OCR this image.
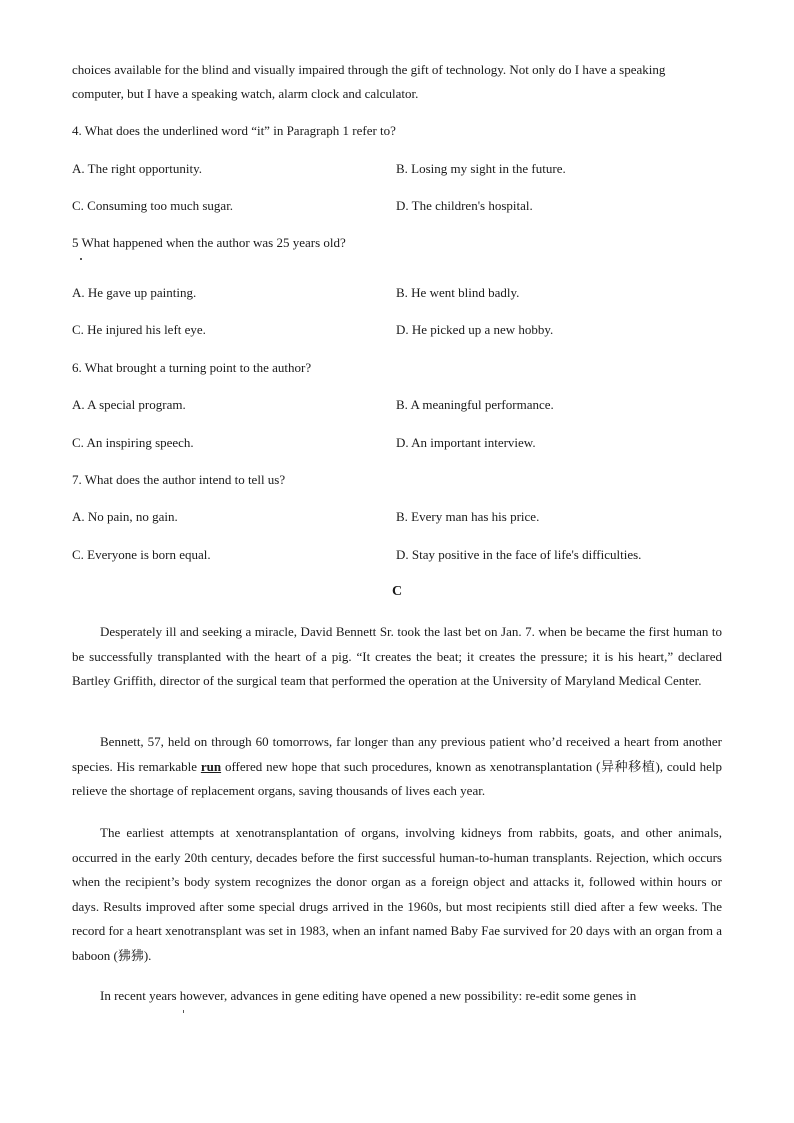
choices available for the blind and visually impaired through the gift of technology. Not only do I have a speaking
computer, but I have a speaking watch, alarm clock and calculator.
4. What does the underlined word “it” in Paragraph 1 refer to?
A. The right opportunity.	B. Losing my sight in the future.
C. Consuming too much sugar.	D. The children's hospital.
5 What happened when the author was 25 years old?
A. He gave up painting.	B. He went blind badly.
C. He injured his left eye.	D. He picked up a new hobby.
6. What brought a turning point to the author?
A. A special program.	B. A meaningful performance.
C. An inspiring speech.	D. An important interview.
7. What does the author intend to tell us?
A. No pain, no gain.	B. Every man has his price.
C. Everyone is born equal.	D. Stay positive in the face of life's difficulties.
C
Desperately ill and seeking a miracle, David Bennett Sr. took the last bet on Jan. 7. when be became the first human to be successfully transplanted with the heart of a pig. “It creates the beat; it creates the pressure; it is his heart,” declared Bartley Griffith, director of the surgical team that performed the operation at the University of Maryland Medical Center.
Bennett, 57, held on through 60 tomorrows, far longer than any previous patient who’d received a heart from another species. His remarkable run offered new hope that such procedures, known as xenotransplantation (异种移植), could help relieve the shortage of replacement organs, saving thousands of lives each year.
The earliest attempts at xenotransplantation of organs, involving kidneys from rabbits, goats, and other animals, occurred in the early 20th century, decades before the first successful human-to-human transplants. Rejection, which occurs when the recipient’s body system recognizes the donor organ as a foreign object and attacks it, followed within hours or days. Results improved after some special drugs arrived in the 1960s, but most recipients still died after a few weeks. The record for a heart xenotransplant was set in 1983, when an infant named Baby Fae survived for 20 days with an organ from a baboon (狒狒).
In recent years however, advances in gene editing have opened a new possibility: re-edit some genes in
